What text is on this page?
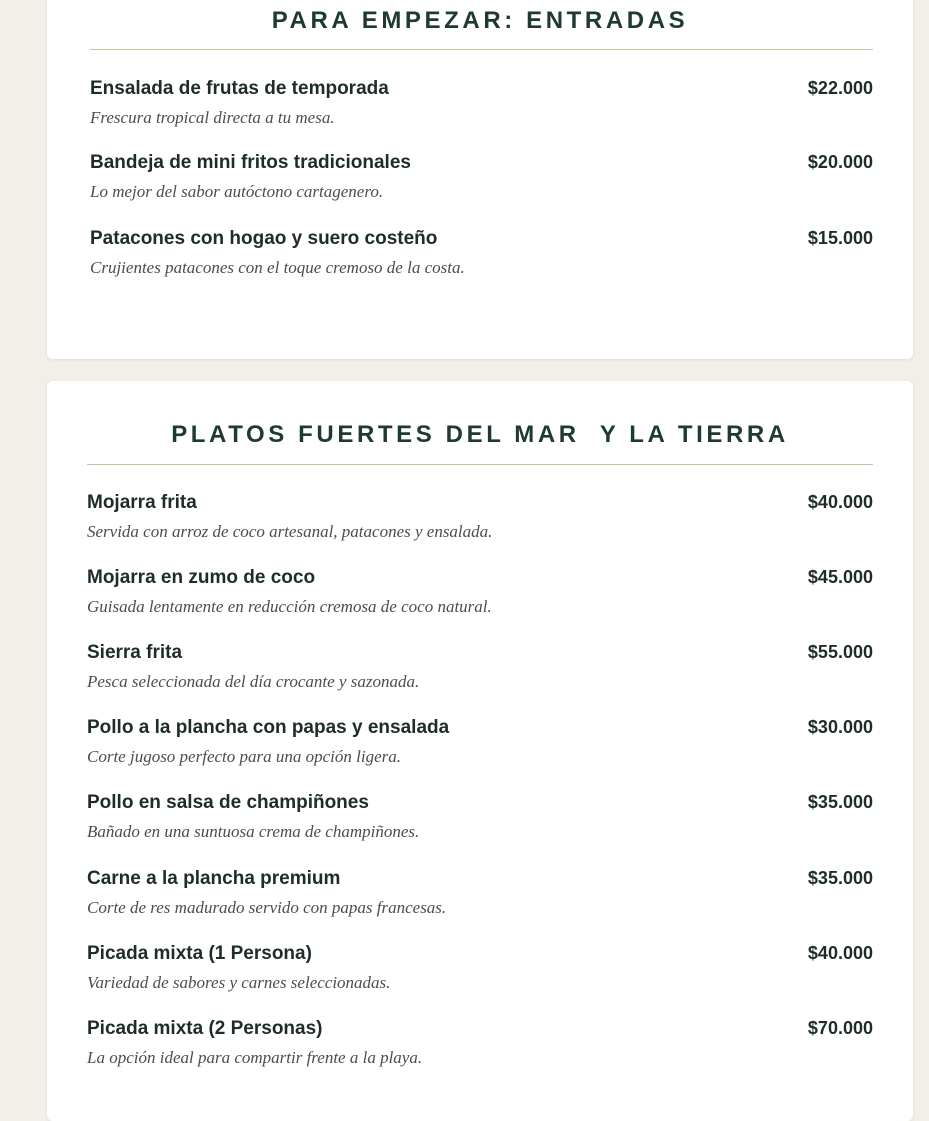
PARA EMPEZAR: ENTRADAS
Ensalada de frutas de temporada	$22.000
Frescura tropical directa a tu mesa.
Bandeja de mini fritos tradicionales	$20.000
Lo mejor del sabor autóctono cartagenero.
Patacones con hogao y suero costeño	$15.000
Crujientes patacones con el toque cremoso de la costa.
PLATOS FUERTES DEL MAR  Y LA TIERRA
Mojarra frita	$40.000
Servida con arroz de coco artesanal, patacones y ensalada.
Mojarra en zumo de coco	$45.000
Guisada lentamente en reducción cremosa de coco natural.
Sierra frita	$55.000
Pesca seleccionada del día crocante y sazonada.
Pollo a la plancha con papas y ensalada	$30.000
Corte jugoso perfecto para una opción ligera.
Pollo en salsa de champiñones	$35.000
Bañado en una suntuosa crema de champiñones.
Carne a la plancha premium	$35.000
Corte de res madurado servido con papas francesas.
Picada mixta (1 Persona)	$40.000
Variedad de sabores y carnes seleccionadas.
Picada mixta (2 Personas)	$70.000
La opción ideal para compartir frente a la playa.
